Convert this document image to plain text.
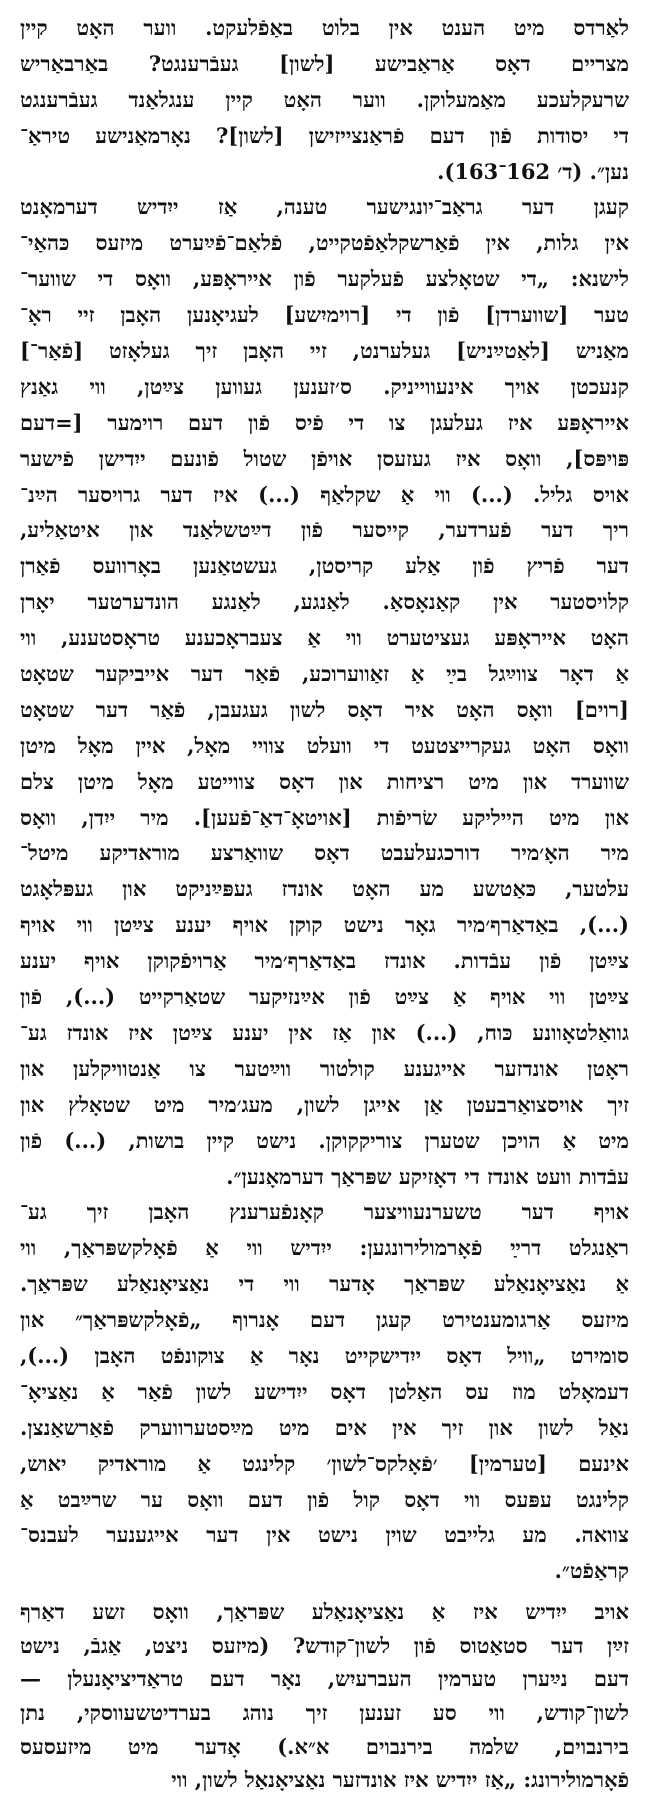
לאַרדס מיט הענט אין בלוט באַפֿלעקט. ווער האָט קיין
מצריים דאָס אַראַבישע [לשון] געבֿרענגט? באַרבאַריש
שרעקלעכע מאַמעלוקן. ווער האָט קיין ענגלאַנד געבֿרענגט
די יסודות פֿון דעם פֿראַנצייזישן [לשון]? נאָרמאַנישע טיראַ־
נען״. (ד׳ 162־163).
קעגן דער גראַב־יונגישער טענה, אַז ייִדיש דערמאָנט
אין גלות, אין פֿאַרשקלאַפֿטקייט, פֿלאַם־פֿײַערט מיזעס כּהאַי־
לישנא: „די שטאָלצע פֿעלקער פֿון אייראָפּע, וואָס די שווער־
טער [שווערדן] פֿון די [רוימיִשע] לעגיאָנען האָבן זיי ראָ־
מאַניש [לאַטײַניש] געלערנט, זיי האָבן זיך געלאָזט [פֿאַר־]
קנעכטן אויך אינעווייניק. ס׳זענען געווען צײַטן, ווי גאַנץ
אייראָפּע איז געלעגן צו די פֿיס פֿון דעם רוימער [=דעם
פּויפּס], וואָס איז געזעסן אויפֿן שטול פֿונעם ייִדישן פֿישער
אויס גליל. (...) ווי אַ שקלאַף (...) איז דער גרויסער הײַנ־
ריך דער פֿערדער, קייסער פֿון דײַטשלאַנד און איטאַליע,
דער פֿריץ פֿון אַלע קריסטן, געשטאַנען באָרוועס פֿאַרן
קלויסטער אין קאַנאָסאַ. לאַנגע, לאַנגע הונדערטער יאָרן
האָט אייראָפּע געציטערט ווי אַ צעבראָכענע טראָסטענע, ווי
אַ דאָר צווײַגל בײַ אַ זאַווערוכע, פֿאַר דער אייביקער שטאָט
[רוים] וואָס האָט איר דאָס לשון געגעבן, פֿאַר דער שטאָט
וואָס האָט געקרייצטעט די וועלט צוויי מאָל, איין מאָל מיטן
שווערד און מיט רציחות און דאָס צווייטע מאָל מיטן צלם
און מיט הייליקע שׂריפֿות [אויטאָ־דאַ־פֿעען]. מיר ייִדן, וואָס
מיר האָ׳מיר דורכגעלעבט דאָס שוואַרצע מוראדיקע מיטל־
עלטער, כּאַטשע מע האָט אונדז געפּײַניקט און געפּלאָגט
(...), באַדאַרף׳מיר גאָר נישט קוקן אויף יענע צײַטן ווי אויף
צײַטן פֿון עבֿדות. אונדז באַדאַרף׳מיר אַרויפֿקוקן אויף יענע
צײַטן ווי אויף אַ צײַט פֿון אײַנזיקער שטאַרקייט (...), פֿון
גוואַלטאָוונע כּוח, (...) און אַז אין יענע צײַטן איז אונדז גע־
ראָטן אונדזער אייגענע קולטור ווײַטער צו אַנטוויקלען און
זיך אויסצואַרבעטן אַן אייגן לשון, מעג׳מיר מיט שטאָלץ און
מיט אַ הויכן שטערן צוריקקוקן. נישט קיין בושות, (...) פֿון
עבֿדות וועט אונדז די דאָזיקע שפּראַך דערמאָנען״.
אויף דער טשערנעוויצער קאָנפֿערענץ האָבן זיך גע־
ראַנגלט דרײַ פֿאָרמולירונגען: ייִדיש ווי אַ פֿאָלקשפּראַך, ווי
אַ נאַציאָנאַלע שפּראַך אָדער ווי די נאַציאָנאַלע שפּראַך.
מיזעס אַרגומענטירט קעגן דעם אָנרוף „פֿאָלקשפּראַך״ און
סומירט „וויל דאָס ייִדישקייט נאָר אַ צוקונפֿט האָבן (...),
דעמאָלט מוז עס האַלטן דאָס ייִדישע לשון פֿאַר אַ נאַציאָ־
נאַל לשון און זיך אין אים מיט מײַסטערווערק פֿאַרשאַנצן.
אינעם [טערמין] ׳פֿאָלקס־לשון׳ קלינגט אַ מוראדיק יאוש,
קלינגט עפּעס ווי דאָס קול פֿון דעם וואָס ער שרײַבט אַ
צוואה. מע גלייבט שוין נישט אין דער אייגענער לעבנס־
קראַפֿט״.
אויב ייִדיש איז אַ נאַציאָנאַלע שפּראַך, וואָס זשע דאַרף
זײַן דער סטאַטוס פֿון לשון־קודש? (מיזעס ניצט, אַגבֿ, נישט
דעם נײַערן טערמין העברעיִש, נאָר דעם טראַדיציאָנעלן —
לשון־קודש, ווי סע זענען זיך נוהג בערדיטשעווסקי, נתן
בירנבוים, שלמה בירנבוים א״א.) אָדער מיט מיזעסעס
פֿאָרמולירונג: „אַז ייִדיש איז אונדזער נאַציאָנאַל לשון, ווי
